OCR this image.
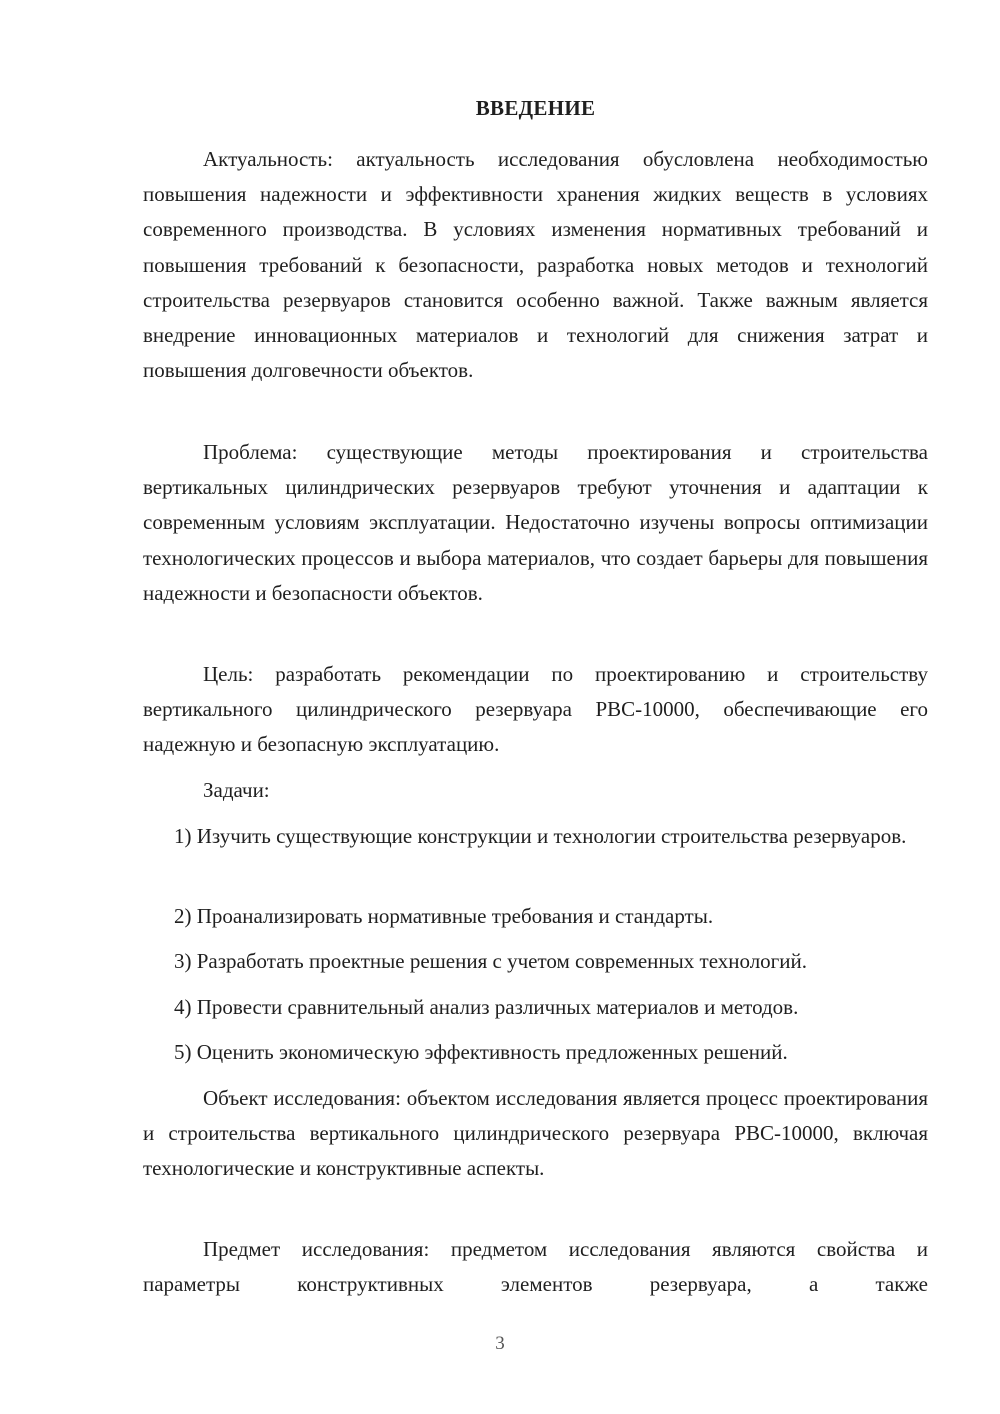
ВВЕДЕНИЕ

Актуальность: актуальность исследования обусловлена необходимостью повышения надежности и эффективности хранения жидких веществ в условиях современного производства. В условиях изменения нормативных требований и повышения требований к безопасности, разработка новых методов и технологий строительства резервуаров становится особенно важной. Также важным является внедрение инновационных материалов и технологий для снижения затрат и повышения долговечности объектов.

Проблема: существующие методы проектирования и строительства вертикальных цилиндрических резервуаров требуют уточнения и адаптации к современным условиям эксплуатации. Недостаточно изучены вопросы оптимизации технологических процессов и выбора материалов, что создает барьеры для повышения надежности и безопасности объектов.

Цель: разработать рекомендации по проектированию и строительству вертикального цилиндрического резервуара РВС-10000, обеспечивающие его надежную и безопасную эксплуатацию.

Задачи:

1) Изучить существующие конструкции и технологии строительства резервуаров.

2) Проанализировать нормативные требования и стандарты.

3) Разработать проектные решения с учетом современных технологий.

4) Провести сравнительный анализ различных материалов и методов.

5) Оценить экономическую эффективность предложенных решений.

Объект исследования: объектом исследования является процесс проектирования и строительства вертикального цилиндрического резервуара РВС-10000, включая технологические и конструктивные аспекты.

Предмет исследования: предметом исследования являются свойства и параметры конструктивных элементов резервуара, а также

3
